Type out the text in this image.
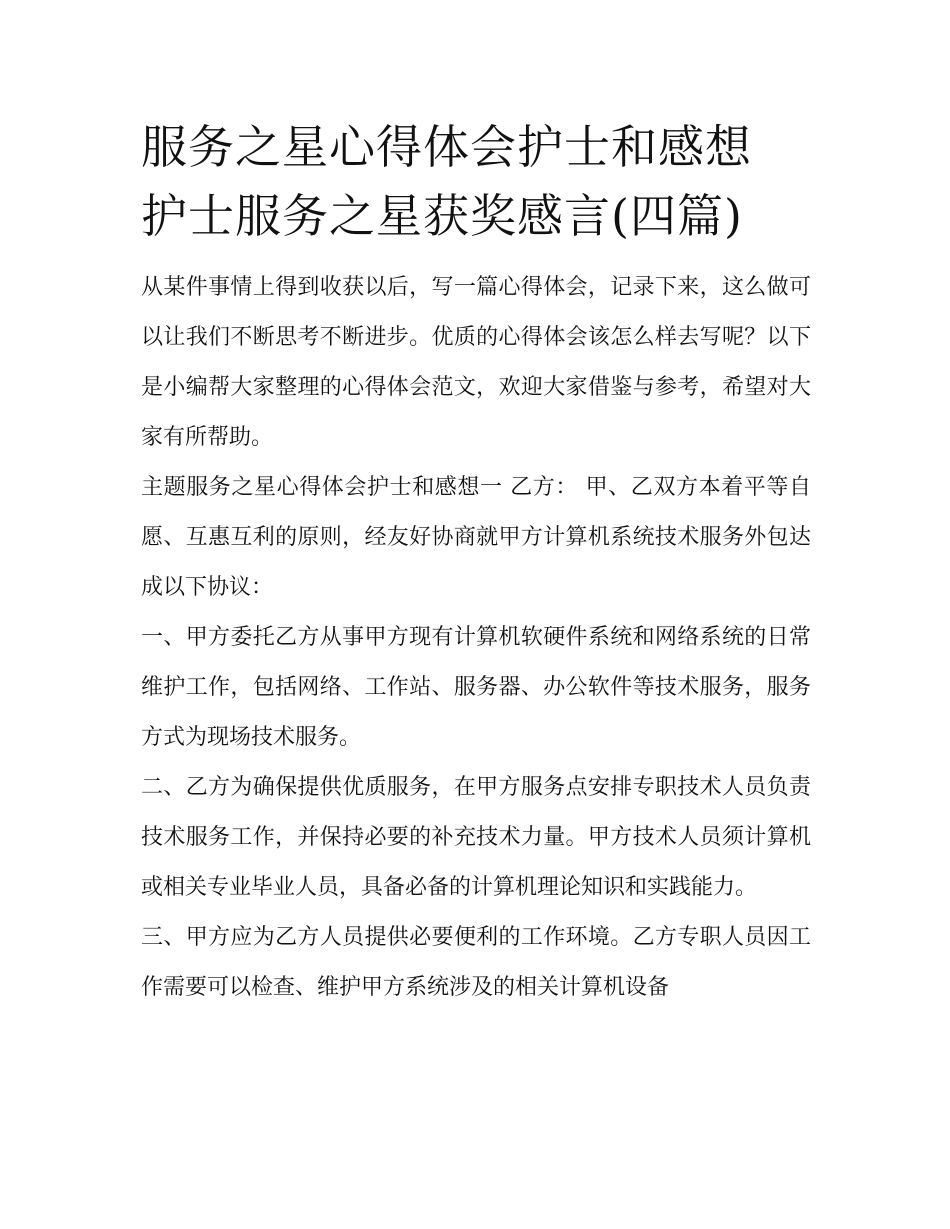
服务之星心得体会护士和感想
护士服务之星获奖感言(四篇)

从某件事情上得到收获以后，写一篇心得体会，记录下来，这么做可以让我们不断思考不断进步。优质的心得体会该怎么样去写呢？以下是小编帮大家整理的心得体会范文，欢迎大家借鉴与参考，希望对大家有所帮助。

主题服务之星心得体会护士和感想一 乙方： 甲、乙双方本着平等自愿、互惠互利的原则，经友好协商就甲方计算机系统技术服务外包达成以下协议：

一、甲方委托乙方从事甲方现有计算机软硬件系统和网络系统的日常维护工作，包括网络、工作站、服务器、办公软件等技术服务，服务方式为现场技术服务。

二、乙方为确保提供优质服务，在甲方服务点安排专职技术人员负责技术服务工作，并保持必要的补充技术力量。甲方技术人员须计算机或相关专业毕业人员，具备必备的计算机理论知识和实践能力。

三、甲方应为乙方人员提供必要便利的工作环境。乙方专职人员因工作需要可以检查、维护甲方系统涉及的相关计算机设备
